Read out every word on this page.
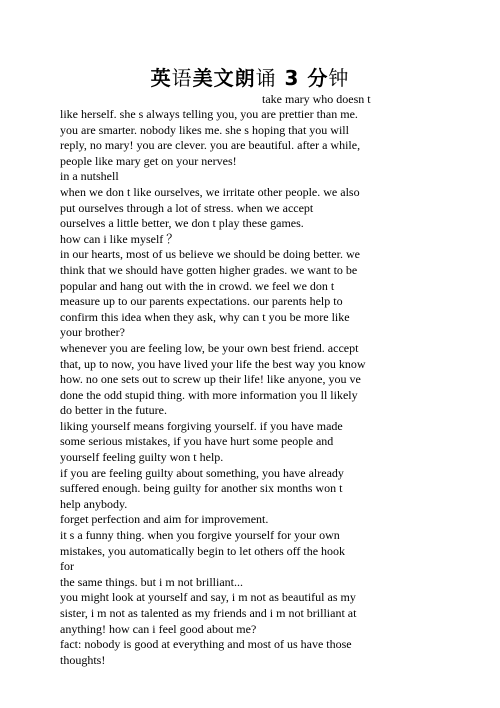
英语美文朗诵 3 分钟
take mary who doesn t
like herself. she s always telling you, you are prettier than me.
you are smarter. nobody likes me. she s hoping that you will
reply, no mary! you are clever. you are beautiful. after a while,
people like mary get on your nerves!
in a nutshell
when we don t like ourselves, we irritate other people. we also
put ourselves through a lot of stress. when we accept
ourselves a little better, we don t play these games.
how can i like myself ？
in our hearts, most of us believe we should be doing better. we
think that we should have gotten higher grades. we want to be
popular and hang out with the in crowd. we feel we don t
measure up to our parents expectations. our parents help to
confirm this idea when they ask, why can t you be more like
your brother?
whenever you are feeling low, be your own best friend. accept
that, up to now, you have lived your life the best way you know
how. no one sets out to screw up their life! like anyone, you ve
done the odd stupid thing. with more information you ll likely
do better in the future.
liking yourself means forgiving yourself. if you have made
some serious mistakes, if you have hurt some people and
yourself feeling guilty won t help.
if you are feeling guilty about something, you have already
suffered enough. being guilty for another six months won t
help anybody.
forget perfection and aim for improvement.
it s a funny thing. when you forgive yourself for your own
mistakes, you automatically begin to let others off the hook
for
the same things. but i m not brilliant...
you might look at yourself and say, i m not as beautiful as my
sister, i m not as talented as my friends and i m not brilliant at
anything! how can i feel good about me?
fact: nobody is good at everything and most of us have those
thoughts!
